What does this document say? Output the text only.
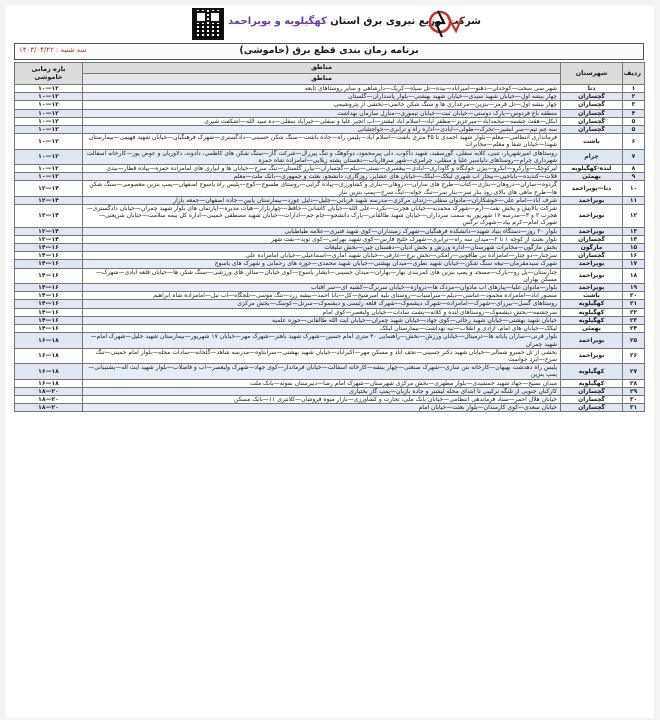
شرکت توزیع نیروی برق استان کهگیلویه و بویراحمد
برنامه زمان بندی قطع برق (خاموشی)
سه شنبه : ۱۴۰۳/۰۴/۲۲
ردیف	شهرستان	مناطق	بازه زمانی خاموشی
		مناطق	
۱	دنا	شهر سی سخت—کوخدان—دهنو—امیرآباد—بیده—تل سیاه—کریک—دارشاهی و سایر روستاهای تابعه	۱۰—۱۲
۲	گچساران	چهار بیشه اول—خیابان شهید سیدی—خیابان شهید بهشتی—بلوار پاسداران—گلستان	۱۰—۱۲
۳	گچساران	چهار بیشه اول—تل قرمز—بنزین—مرغداری ها و سنگ شکن خاتمی—بخشی از پتروشیمی	۱۰—۱۲
۴	گچساران	منطقه باغ فردوس—پارک دوستی—خیابان ثبت—خیابان تیموری—منازل سازمان بهداشت	۱۰—۱۲
۵	گچساران	آبکل—هفت چشمه—محمدآباد—میرعزیز—مظفر آباد—اسلام آباد لیشتر—آب انجیر علیا و سفلی—خیرآباد سفلی—ده سید الله—اشکفت شیری	۱۰—۱۲
۵	گچساران	سه چم تیم—سر آبشیر—تخرک—ظولی—آبادی—اداره راه و ترابری—خواجشانی	۱۰—۱۲
۶	باشت	فرمانداری انتظامی—معلم—بلوار شهید احمدی تا ۴۵ متری باشت—اسلام آباد—پلیس راه—جاده باشت—سنگ شکن حسینی—دادگستری—شهرک فرهنگیان—خیابان شهید فهیمی—بیمارستان شهدا—خیابان شفا و معلم—مخابرات	۱۰—۱۲
۷	چرام	روستاهای امیرشهریار، تنبی، کلایه سفلی، گورسفید، شهید داکوب، دلی پیرمحمود، دوکوهک و تنگ پیرزال—شرکت گاز—سنگ شکن های کاظمی، دادوند، دلاوریان و عوض پور—کارخانه آسفالت شهرداری چرام—روستاهای دلیاسیر علیا و سفلی، چرامزی—شهر سرفاریاب—دهستان پشته زیلایی—امامزاده شاه حمزه	۱۰—۱۲
۸	لنده-کهگیلویه	لیرکوچک—وارکرو—آبکرو—بیژن خوابگاه و گاوداری—آبادی—پیغمبری—بستی—دیلم—گچساران—بیارز گلستان—تنگ سرخ—خیابان ها و آبیاری های امامزاده حمزه—پیاده قطار—بیدی	۱۰—۱۲
۹	بهمئی	قلات—کندیده—باباحیی—بیجار آب شهری لیکک—لیکک—خیابان های عشایر، روزگاری، دانشجو، بعثت و جمهوری—بانک ملت—معلم	۱۰—۱۲
۱۰	دنا—بویراحمد	گردوه—ساران—دروهان—بنازی—کتاب—طرح های ساران—دروهان—بنازی و کشاورزی—پیاده گرایی—روستای طسوج—کوچ—پلیس راه یاسوج اصفهان—پمپ بنزین معصومی—سنگ شکن ها—طرح ماهی های بالای رود بنار سر—بنار سر—تنگ جوله—تنگ سرخ—پمپ بنزین بنار	۱۲—۱۴
۱۱	بویراحمد	شرف آباد—امام علی—خوشکاران—مادوان سفلی—زندان مرکزی—مدرسه شهید قربانی—جلیل—دلیل عورد—بیمارستان پایین—جاده اصفهان—جمعه بازار	۱۲—۱۴
۱۲	بویراحمد	شرکت پالایش و یخش نفت—ارم—شهرک محمدیه—خیابان هجرت—نکرد—علی الله—خیابان کاشانی—حافظ—چهاربازار—هیات مدیره—آپارتمان های بلوار شهید چمران—خیابان دادگستری—هجرت ۲ و ۳—مدرسه ۱۷ شهریور به سمت سرداران—خیابان شهید طالقانی—پارک دانشجو—جام جم—ادارات—خیابان شهید مصطفی خمینی—اداره کل بیمه سلامت—خیابان شریعتی—شهرک امام—کرم بیاد—شهرک نرگس	۱۲—۱۴
۱۳	بویراحمد	بلوار ۲۰ روز—دستگاه بنیاد شهید—دانشکده فرهنگیان—شهرک زمینداران—کوی شهید قنبری—علامه طباطبایی	۱۲—۱۴
۱۴	گچساران	بلوار بعثت از کوچه ۱ تا ۲—میدان سه راه—ترابری—شهرک خلیج فارس—کوی شهید بهرامی—کوی نوید—نفت شهر	۱۲—۱۴
۱۵	مارگون	بخش مارگون—مخابرات شهرستان—اداره ورزش و بخش ادیان—دهستان چین—بخش تبلیغات	۱۴—۱۶
۱۶	گچساران	سرچنار—دو چنار—امامزاده بی طاقونی—رامکی—بخش برج—عارفی—خیابان شهید آماری—اسماعیلی—خیابان امامزاده علی	۱۴—۱۶
۱۷	بویراحمد	شهرک سیدمقرمان—تیغه سنگ شکن—خیابان شهید نظری—میدان بهشتی—خیابان شهید محمدی—حوزه های رحمانی و شهرک های یاسوج	۱۴—۱۶
۱۸	بویراحمد	چنارستان—پل رو—پارک—مسجد و پمپ بنزین های کمربندی بهار—بهاران—میدان حسینی—آبشار یاسوج—کوی خیابان—سالن های ورزشی—سنگ شکن ها—خیابان قلعه آبادی—شهرک—مسکن بهاران	۱۴—۱۶
۱۹	بویراحمد	بلوار—مادوان علیا—پیازهای آب مادوان—مزدک ها—دروازه—خیابان سرنرگ—کشیه ای—سر آفتاب	۱۴—۱۶
۲۰	باشت	منصور آباد—امامزاده محمود—عباسی—دیلم—سرآسیاب—روستای بلیه امیرشیخ—کل—بابا احمد—بیشه زرد—تنگ موسی—تلچگاه—آب نیل—امامزاده شاه ابراهیم	۱۴—۱۶
۲۱	کهگیلویه	روستاهای گسل—بیرزای—شهرک—امامزاده—شهرک دیشموک—شهرک قلعه رئیسی و دیشموک—سرتل—کوسک—بخش مرکزی	۱۴—۱۶
۲۲	کهگیلویه	سرچشمه—بخش دیشموک—روستاهای لنده و کلاته—پشت سادات—خیابان ولیعصر—کوی امام	۱۴—۱۶
۲۳	کهگیلویه	خیابان شهید بهشتی—خیابان شهید رجائی—کوی جهاد—خیابان شهید چمران—خیابان آیت الله طالقانی—حوزه علمیه	۱۴—۱۶
۲۴	بهمئی	لیکک—خیابان های امام، آزادی و انقلاب—تپه بهداشت—بیمارستان لیکک	۱۴—۱۶
۲۵	بویراحمد	بلوار قرنی—ساران پایانه ها—ترمینال—خیابان ورزش—نخش—راهنمایی ۳۰ متری امام حسین—شهرک شهید باهنر—شهرک مهر—خیابان ۱۷ شهریور—بیمارستان شهید جلیل—شهرک امام—شهید چمران	۱۶—۱۸
۲۶	بویراحمد	بخشی از تل خسرو شمالی—خیابان شهید دکتر حسینی—نجف آباد و مسکن مهر—اکبرآباد—خیابان شهید بهشتی—سرابتاوه—مدرسه شاهد—گلخانه—سادات محله—بلوار امام خمینی—تنگ سرخ—ایزد خواست	۱۶—۱۸
۲۷	کهگیلویه	پلیس راه دهدشت بهبهان—کارخانه بتن سازی—شهرک صنعتی—چهار بیشه—کارخانه آسفالت—خیابان فرماندار—کوی جهاد—شهرک ولیعصر—آب و فاضلاب—بلوار شهید آیت اله—پشتیبانی—پمپ بنزین	۱۶—۱۸
۲۸	کهگیلویه	میدان بسیج—جهاد شهید جمشیدی—بلوار مطهری—بخش مرکزی شهرستان—شهرک امام رضا—دبیرستان نمونه—بانک ملت	۱۶—۱۸
۲۹	گچساران	کارکنان جنوبی از تلنگه ترکیبی تا ابتدای محله لیشتر و جاده بازبان—پمپ گاز بختیاری	۱۸—۲۰
۳۰	گچساران	خیابان هلال احمر—ستاد فرماندهی انتظامی—خیابان بانک ملی، تجارت و کشاورزی—بازار میوه فروشان—کلانتری ۱۱—بانک مسکن	۱۸—۲۰
۳۱	گچساران	خیابان سعدی—کوی کارمندان—بلوار بعثت—خیابان امام	۱۸—۲۰
